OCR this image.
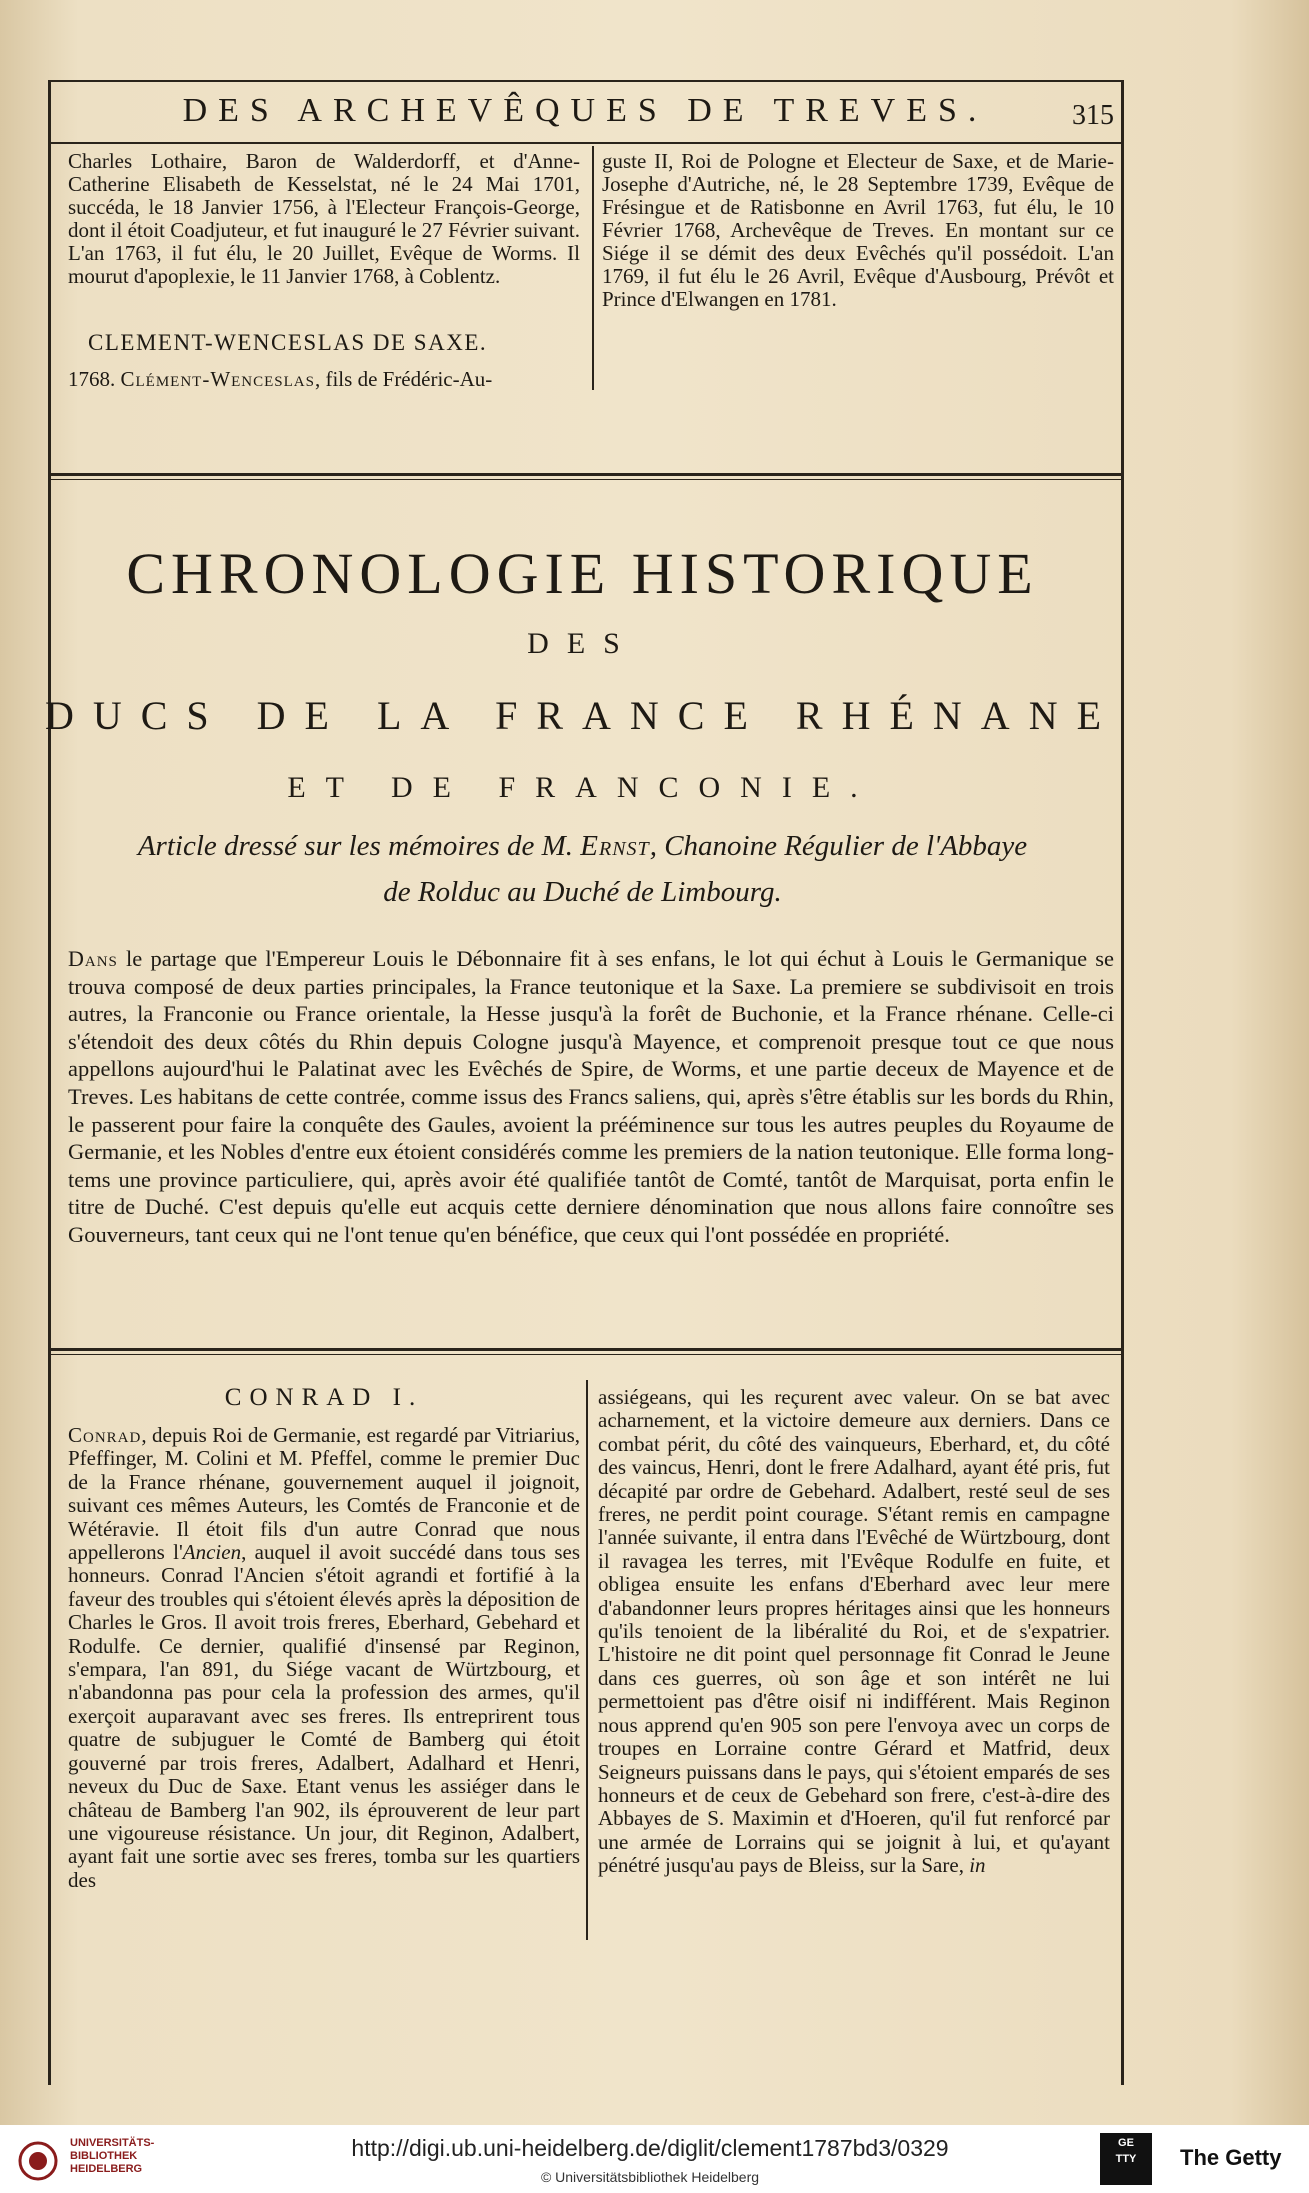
DES ARCHEVÊQUES DE TREVES.	315

Charles Lothaire, Baron de Walderdorff, et d'Anne-Catherine Elisabeth de Kesselstat, né le 24 Mai 1701, succéda, le 18 Janvier 1756, à l'Electeur François-George, dont il étoit Coadjuteur, et fut inauguré le 27 Février suivant. L'an 1763, il fut élu, le 20 Juillet, Evêque de Worms. Il mourut d'apoplexie, le 11 Janvier 1768, à Coblentz.

CLEMENT-WENCESLAS DE SAXE.

1768. Clément-Wenceslas, fils de Frédéric-Au-

guste II, Roi de Pologne et Electeur de Saxe, et de Marie-Josephe d'Autriche, né, le 28 Septembre 1739, Evêque de Frésingue et de Ratisbonne en Avril 1763, fut élu, le 10 Février 1768, Archevêque de Treves. En montant sur ce Siége il se démit des deux Evêchés qu'il possédoit. L'an 1769, il fut élu le 26 Avril, Evêque d'Ausbourg, Prévôt et Prince d'Elwangen en 1781.

CHRONOLOGIE HISTORIQUE
DES
DUCS DE LA FRANCE RHÉNANE
ET DE FRANCONIE.

Article dressé sur les mémoires de M. Ernst, Chanoine Régulier de l'Abbaye

de Rolduc au Duché de Limbourg.

Dans le partage que l'Empereur Louis le Débonnaire fit à ses enfans, le lot qui échut à Louis le Germanique se trouva composé de deux parties principales, la France teutonique et la Saxe. La premiere se subdivisoit en trois autres, la Franconie ou France orientale, la Hesse jusqu'à la forêt de Buchonie, et la France rhénane. Celle-ci s'étendoit des deux côtés du Rhin depuis Cologne jusqu'à Mayence, et comprenoit presque tout ce que nous appellons aujourd'hui le Palatinat avec les Evêchés de Spire, de Worms, et une partie deceux de Mayence et de Treves. Les habitans de cette contrée, comme issus des Francs saliens, qui, après s'être établis sur les bords du Rhin, le passerent pour faire la conquête des Gaules, avoient la prééminence sur tous les autres peuples du Royaume de Germanie, et les Nobles d'entre eux étoient considérés comme les premiers de la nation teutonique. Elle forma long-tems une province particuliere, qui, après avoir été qualifiée tantôt de Comté, tantôt de Marquisat, porta enfin le titre de Duché. C'est depuis qu'elle eut acquis cette derniere dénomination que nous allons faire connoître ses Gouverneurs, tant ceux qui ne l'ont tenue qu'en bénéfice, que ceux qui l'ont possédée en propriété.

CONRAD I.

Conrad, depuis Roi de Germanie, est regardé par Vitriarius, Pfeffinger, M. Colini et M. Pfeffel, comme le premier Duc de la France rhénane, gouvernement auquel il joignoit, suivant ces mêmes Auteurs, les Comtés de Franconie et de Wétéravie. Il étoit fils d'un autre Conrad que nous appellerons l'Ancien, auquel il avoit succédé dans tous ses honneurs. Conrad l'Ancien s'étoit agrandi et fortifié à la faveur des troubles qui s'étoient élevés après la déposition de Charles le Gros. Il avoit trois freres, Eberhard, Gebehard et Rodulfe. Ce dernier, qualifié d'insensé par Reginon, s'empara, l'an 891, du Siége vacant de Würtzbourg, et n'abandonna pas pour cela la profession des armes, qu'il exerçoit auparavant avec ses freres. Ils entreprirent tous quatre de subjuguer le Comté de Bamberg qui étoit gouverné par trois freres, Adalbert, Adalhard et Henri, neveux du Duc de Saxe. Etant venus les assiéger dans le château de Bamberg l'an 902, ils éprouverent de leur part une vigoureuse résistance. Un jour, dit Reginon, Adalbert, ayant fait une sortie avec ses freres, tomba sur les quartiers des

assiégeans, qui les reçurent avec valeur. On se bat avec acharnement, et la victoire demeure aux derniers. Dans ce combat périt, du côté des vainqueurs, Eberhard, et, du côté des vaincus, Henri, dont le frere Adalhard, ayant été pris, fut décapité par ordre de Gebehard. Adalbert, resté seul de ses freres, ne perdit point courage. S'étant remis en campagne l'année suivante, il entra dans l'Evêché de Würtzbourg, dont il ravagea les terres, mit l'Evêque Rodulfe en fuite, et obligea ensuite les enfans d'Eberhard avec leur mere d'abandonner leurs propres héritages ainsi que les honneurs qu'ils tenoient de la libéralité du Roi, et de s'expatrier. L'histoire ne dit point quel personnage fit Conrad le Jeune dans ces guerres, où son âge et son intérêt ne lui permettoient pas d'être oisif ni indifférent. Mais Reginon nous apprend qu'en 905 son pere l'envoya avec un corps de troupes en Lorraine contre Gérard et Matfrid, deux Seigneurs puissans dans le pays, qui s'étoient emparés de ses honneurs et de ceux de Gebehard son frere, c'est-à-dire des Abbayes de S. Maximin et d'Hoeren, qu'il fut renforcé par une armée de Lorrains qui se joignit à lui, et qu'ayant pénétré jusqu'au pays de Bleiss, sur la Sare, in

UNIVERSITÄTS-
BIBLIOTHEK
HEIDELBERG
http://digi.ub.uni-heidelberg.de/diglit/clement1787bd3/0329
© Universitätsbibliothek Heidelberg
GE
TTY	The Getty
